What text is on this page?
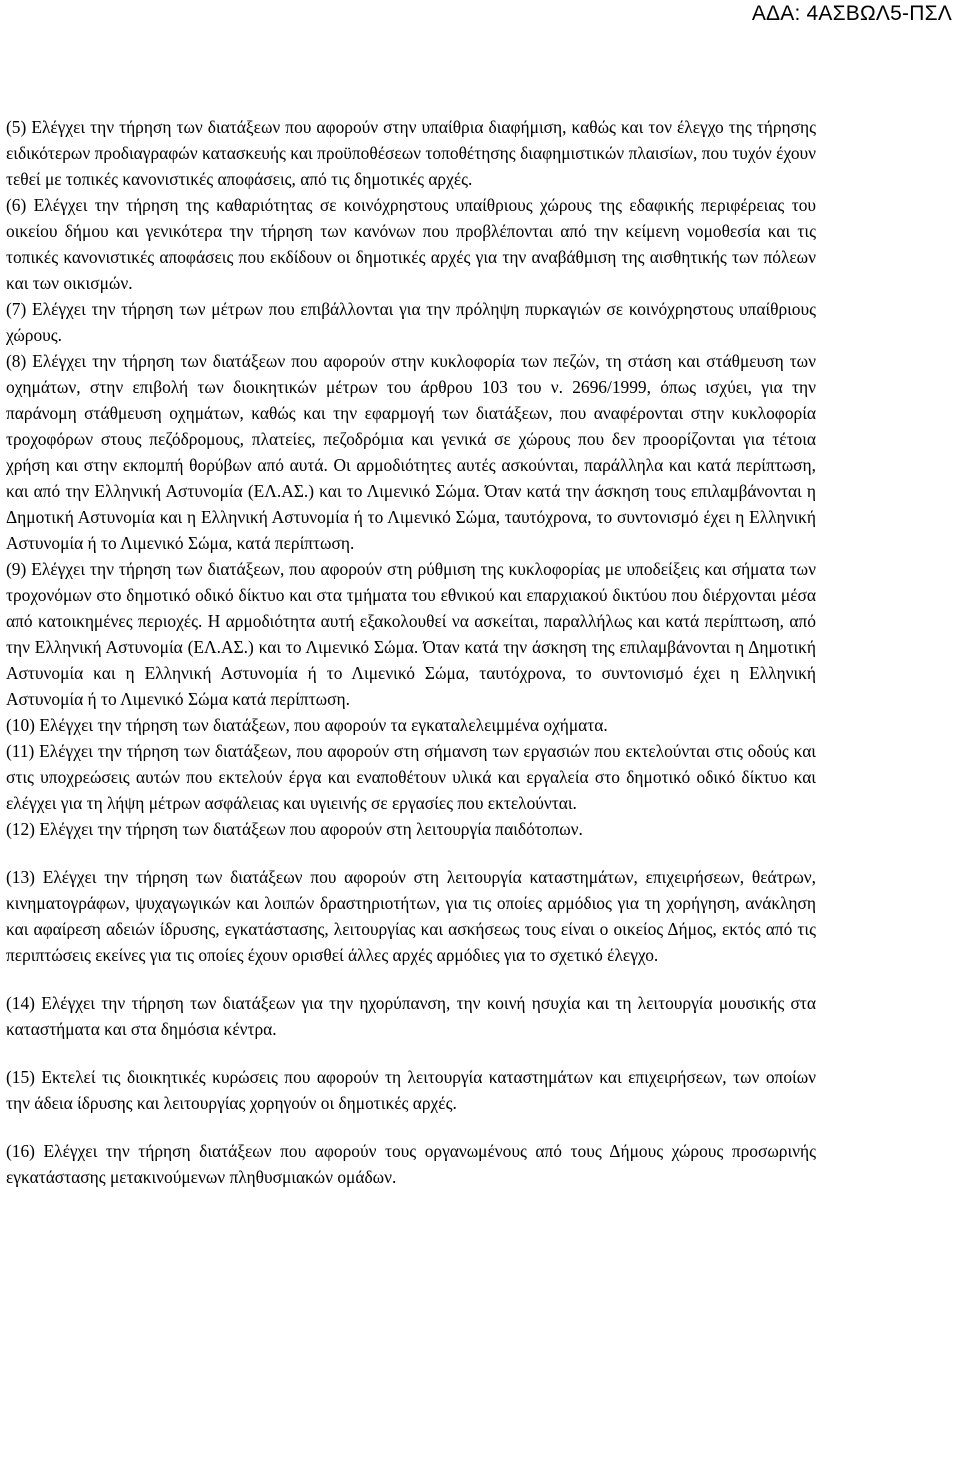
ΑΔΑ: 4ΑΣΒΩΛ5-ΠΣΛ

(5) Ελέγχει την τήρηση των διατάξεων που αφορούν στην υπαίθρια διαφήμιση, καθώς και τον έλεγχο της τήρησης ειδικότερων προδιαγραφών κατασκευής και προϋποθέσεων τοποθέτησης διαφημιστικών πλαισίων, που τυχόν έχουν τεθεί με τοπικές κανονιστικές αποφάσεις, από τις δημοτικές αρχές.

(6) Ελέγχει την τήρηση της καθαριότητας σε κοινόχρηστους υπαίθριους χώρους της εδαφικής περιφέρειας του οικείου δήμου και γενικότερα την τήρηση των κανόνων που προβλέπονται από την κείμενη νομοθεσία και τις τοπικές κανονιστικές αποφάσεις που εκδίδουν οι δημοτικές αρχές για την αναβάθμιση της αισθητικής των πόλεων και των οικισμών.

(7) Ελέγχει την τήρηση των μέτρων που επιβάλλονται για την πρόληψη πυρκαγιών σε κοινόχρηστους υπαίθριους χώρους.

(8) Ελέγχει την τήρηση των διατάξεων που αφορούν στην κυκλοφορία των πεζών, τη στάση και στάθμευση των οχημάτων, στην επιβολή των διοικητικών μέτρων του άρθρου 103 του ν. 2696/1999, όπως ισχύει, για την παράνομη στάθμευση οχημάτων, καθώς και την εφαρμογή των διατάξεων, που αναφέρονται στην κυκλοφορία τροχοφόρων στους πεζόδρομους, πλατείες, πεζοδρόμια και γενικά σε χώρους που δεν προορίζονται για τέτοια χρήση και στην εκπομπή θορύβων από αυτά. Οι αρμοδιότητες αυτές ασκούνται, παράλληλα και κατά περίπτωση, και από την Ελληνική Αστυνομία (ΕΛ.ΑΣ.) και το Λιμενικό Σώμα. Όταν κατά την άσκηση τους επιλαμβάνονται η Δημοτική Αστυνομία και η Ελληνική Αστυνομία ή το Λιμενικό Σώμα, ταυτόχρονα, το συντονισμό έχει η Ελληνική Αστυνομία ή το Λιμενικό Σώμα, κατά περίπτωση.

(9) Ελέγχει την τήρηση των διατάξεων, που αφορούν στη ρύθμιση της κυκλοφορίας με υποδείξεις και σήματα των τροχονόμων στο δημοτικό οδικό δίκτυο και στα τμήματα του εθνικού και επαρχιακού δικτύου που διέρχονται μέσα από κατοικημένες περιοχές. Η αρμοδιότητα αυτή εξακολουθεί να ασκείται, παραλλήλως και κατά περίπτωση, από την Ελληνική Αστυνομία (ΕΛ.ΑΣ.) και το Λιμενικό Σώμα. Όταν κατά την άσκηση της επιλαμβάνονται η Δημοτική Αστυνομία και η Ελληνική Αστυνομία ή το Λιμενικό Σώμα, ταυτόχρονα, το συντονισμό έχει η Ελληνική Αστυνομία ή το Λιμενικό Σώμα κατά περίπτωση.

(10) Ελέγχει την τήρηση των διατάξεων, που αφορούν τα εγκαταλελειμμένα οχήματα.

(11) Ελέγχει την τήρηση των διατάξεων, που αφορούν στη σήμανση των εργασιών που εκτελούνται στις οδούς και στις υποχρεώσεις αυτών που εκτελούν έργα και εναποθέτουν υλικά και εργαλεία στο δημοτικό οδικό δίκτυο και ελέγχει για τη λήψη μέτρων ασφάλειας και υγιεινής σε εργασίες που εκτελούνται.

(12) Ελέγχει την τήρηση των διατάξεων που αφορούν στη λειτουργία παιδότοπων.

(13) Ελέγχει την τήρηση των διατάξεων που αφορούν στη λειτουργία καταστημάτων, επιχειρήσεων, θεάτρων, κινηματογράφων, ψυχαγωγικών και λοιπών δραστηριοτήτων, για τις οποίες αρμόδιος για τη χορήγηση, ανάκληση και αφαίρεση αδειών ίδρυσης, εγκατάστασης, λειτουργίας και ασκήσεως τους είναι ο οικείος Δήμος, εκτός από τις περιπτώσεις εκείνες για τις οποίες έχουν ορισθεί άλλες αρχές αρμόδιες για το σχετικό έλεγχο.

(14) Ελέγχει την τήρηση των διατάξεων για την ηχορύπανση, την κοινή ησυχία και τη λειτουργία μουσικής στα καταστήματα και στα δημόσια κέντρα.

(15) Εκτελεί τις διοικητικές κυρώσεις που αφορούν τη λειτουργία καταστημάτων και επιχειρήσεων, των οποίων την άδεια ίδρυσης και λειτουργίας χορηγούν οι δημοτικές αρχές.

(16) Ελέγχει την τήρηση διατάξεων που αφορούν τους οργανωμένους από τους Δήμους χώρους προσωρινής εγκατάστασης μετακινούμενων πληθυσμιακών ομάδων.
